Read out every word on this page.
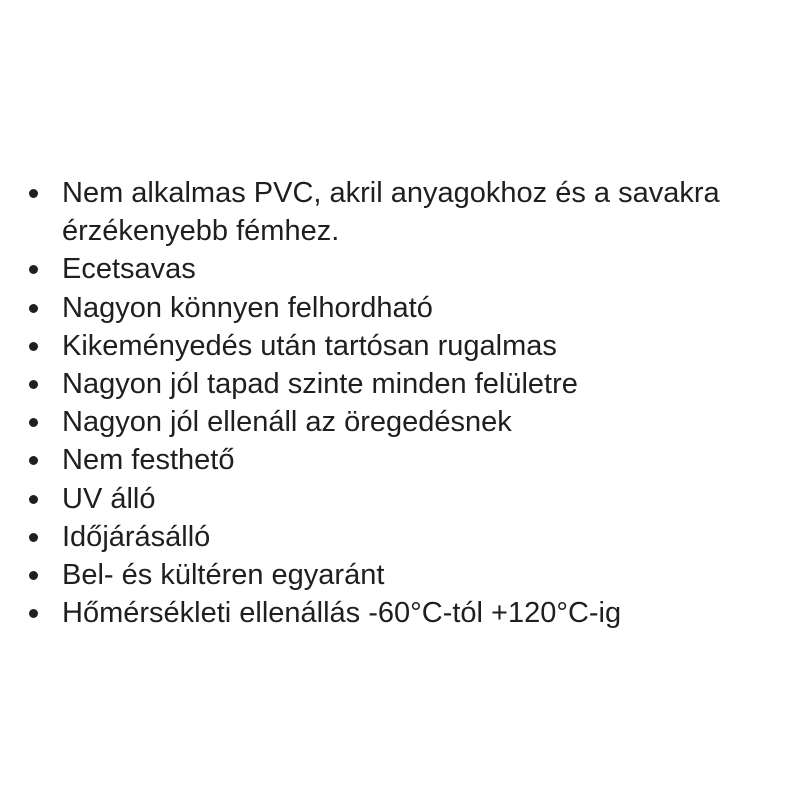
Nem alkalmas PVC, akril anyagokhoz és a savakra érzékenyebb fémhez.
Ecetsavas
Nagyon könnyen felhordható
Kikeményedés után tartósan rugalmas
Nagyon jól tapad szinte minden felületre
Nagyon jól ellenáll az öregedésnek
Nem festhető
UV álló
Időjárásálló
Bel- és kültéren egyaránt
Hőmérsékleti ellenállás -60°C-tól +120°C-ig
